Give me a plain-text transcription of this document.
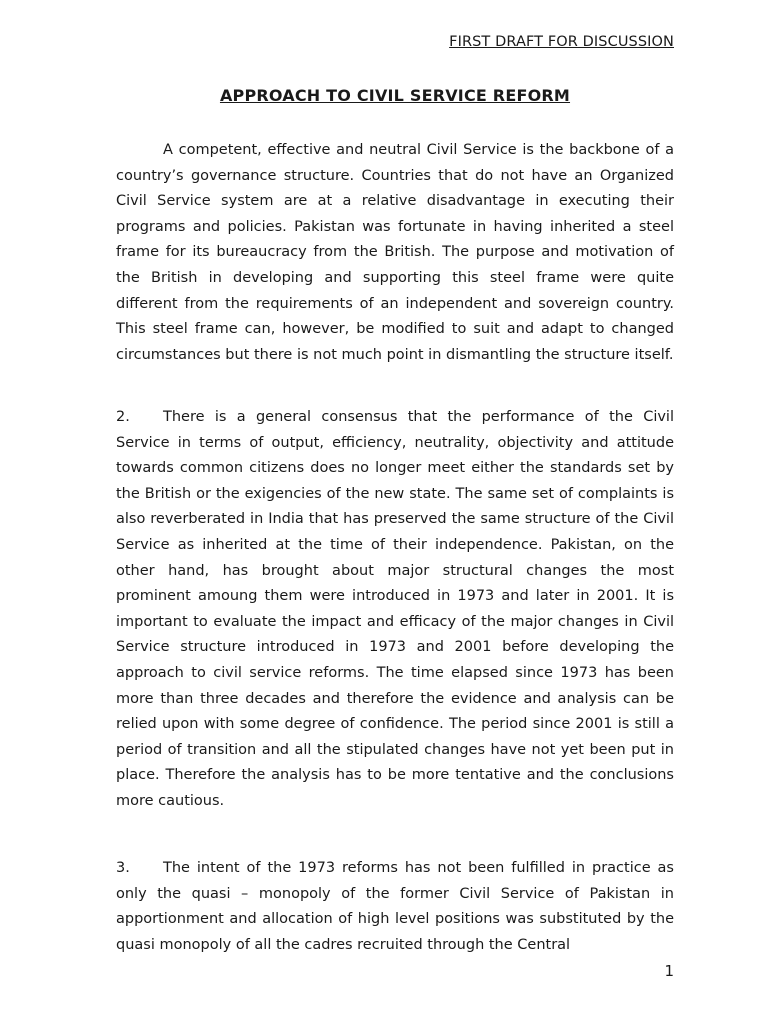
FIRST DRAFT FOR DISCUSSION
APPROACH TO CIVIL SERVICE REFORM

A competent, effective and neutral Civil Service is the backbone of a country’s governance structure. Countries that do not have an Organized Civil Service system are at a relative disadvantage in executing their programs and policies. Pakistan was fortunate in having inherited a steel frame for its bureaucracy from the British. The purpose and motivation of the British in developing and supporting this steel frame were quite different from the requirements of an independent and sovereign country. This steel frame can, however, be modified to suit and adapt to changed circumstances but there is not much point in dismantling the structure itself.

2. There is a general consensus that the performance of the Civil Service in terms of output, efficiency, neutrality, objectivity and attitude towards common citizens does no longer meet either the standards set by the British or the exigencies of the new state. The same set of complaints is also reverberated in India that has preserved the same structure of the Civil Service as inherited at the time of their independence. Pakistan, on the other hand, has brought about major structural changes the most prominent amoung them were introduced in 1973 and later in 2001. It is important to evaluate the impact and efficacy of the major changes in Civil Service structure introduced in 1973 and 2001 before developing the approach to civil service reforms. The time elapsed since 1973 has been more than three decades and therefore the evidence and analysis can be relied upon with some degree of confidence. The period since 2001 is still a period of transition and all the stipulated changes have not yet been put in place. Therefore the analysis has to be more tentative and the conclusions more cautious.

3. The intent of the 1973 reforms has not been fulfilled in practice as only the quasi – monopoly of the former Civil Service of Pakistan in apportionment and allocation of high level positions was substituted by the quasi monopoly of all the cadres recruited through the Central

1
